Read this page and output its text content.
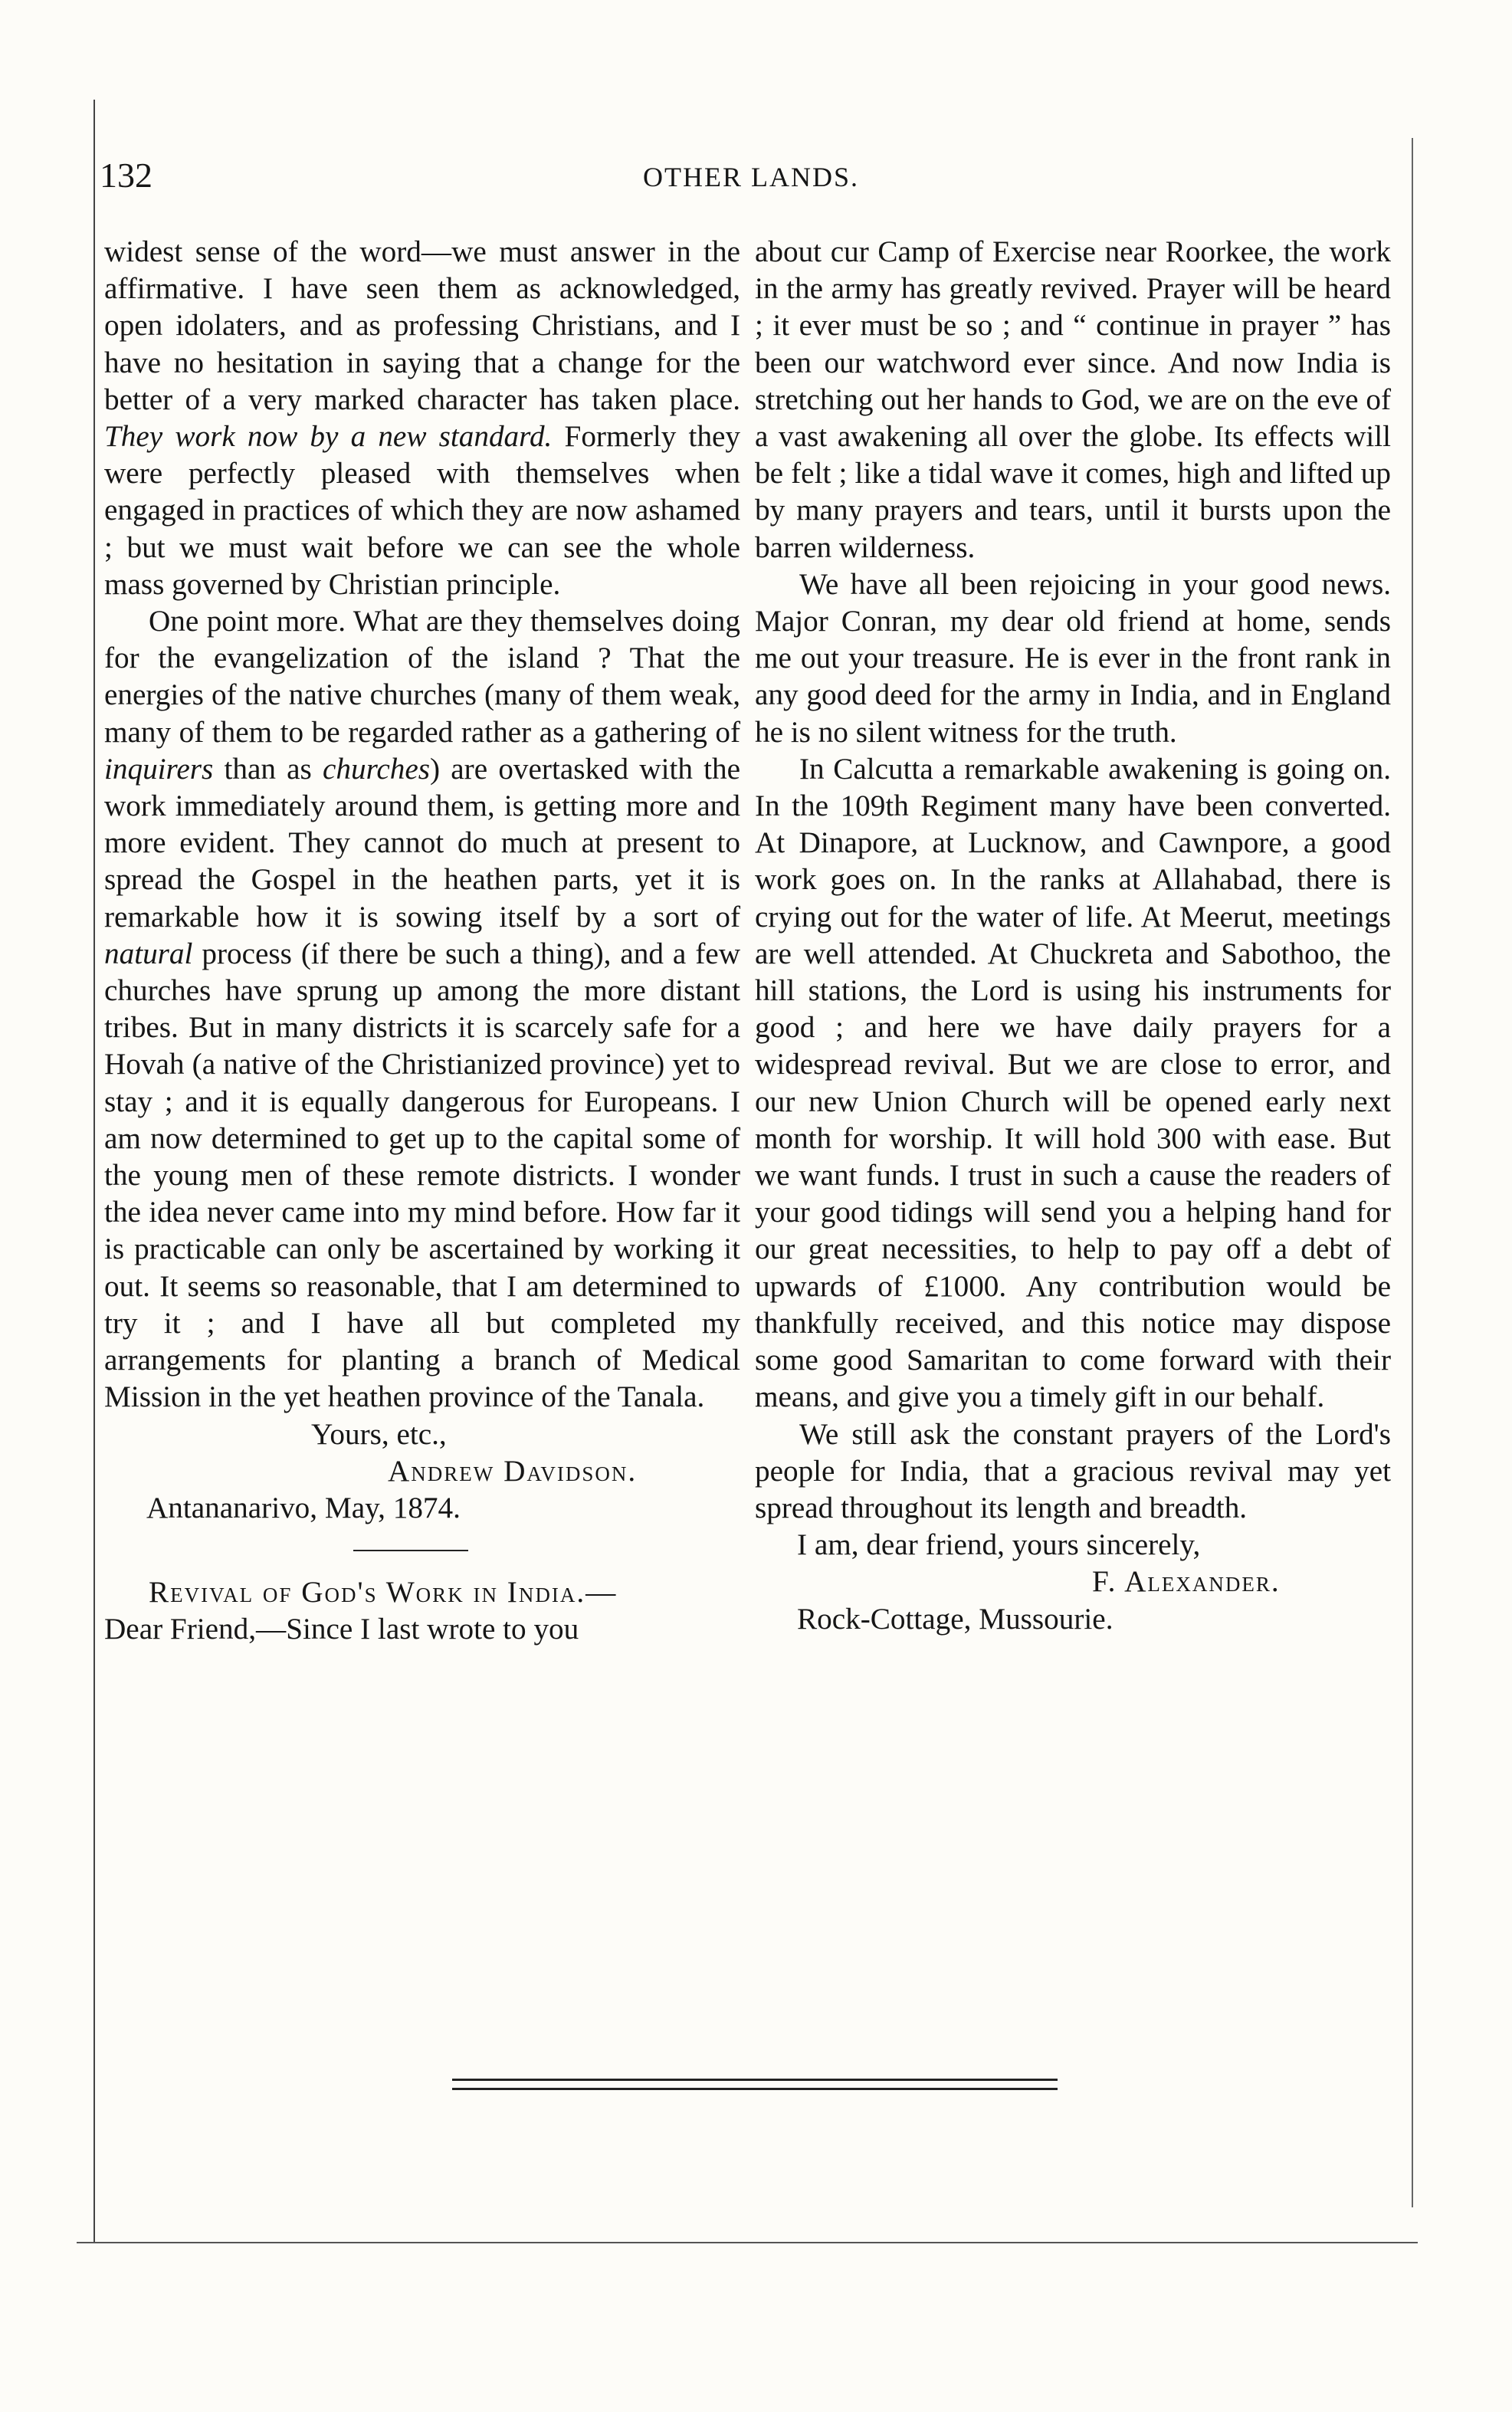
132	OTHER LANDS.

widest sense of the word—we must answer in the affirmative. I have seen them as acknowledged, open idolaters, and as professing Christians, and I have no hesitation in saying that a change for the better of a very marked character has taken place. They work now by a new standard. Formerly they were perfectly pleased with themselves when engaged in practices of which they are now ashamed ; but we must wait before we can see the whole mass governed by Christian principle.

One point more. What are they themselves doing for the evangelization of the island ? That the energies of the native churches (many of them weak, many of them to be regarded rather as a gathering of inquirers than as churches) are overtasked with the work immediately around them, is getting more and more evident. They cannot do much at present to spread the Gospel in the heathen parts, yet it is remarkable how it is sowing itself by a sort of natural process (if there be such a thing), and a few churches have sprung up among the more distant tribes. But in many districts it is scarcely safe for a Hovah (a native of the Christianized province) yet to stay ; and it is equally dangerous for Europeans. I am now determined to get up to the capital some of the young men of these remote districts. I wonder the idea never came into my mind before. How far it is practicable can only be ascertained by working it out. It seems so reasonable, that I am determined to try it ; and I have all but completed my arrangements for planting a branch of Medical Mission in the yet heathen province of the Tanala.

Yours, etc.,

Andrew Davidson.

Antananarivo, May, 1874.

Revival of God's Work in India.—

Dear Friend,—Since I last wrote to you

about cur Camp of Exercise near Roorkee, the work in the army has greatly revived. Prayer will be heard ; it ever must be so ; and “ continue in prayer ” has been our watchword ever since. And now India is stretching out her hands to God, we are on the eve of a vast awakening all over the globe. Its effects will be felt ; like a tidal wave it comes, high and lifted up by many prayers and tears, until it bursts upon the barren wilderness.

We have all been rejoicing in your good news. Major Conran, my dear old friend at home, sends me out your treasure. He is ever in the front rank in any good deed for the army in India, and in England he is no silent witness for the truth.

In Calcutta a remarkable awakening is going on. In the 109th Regiment many have been converted. At Dinapore, at Lucknow, and Cawnpore, a good work goes on. In the ranks at Allahabad, there is crying out for the water of life. At Meerut, meetings are well attended. At Chuckreta and Sabothoo, the hill stations, the Lord is using his instruments for good ; and here we have daily prayers for a widespread revival. But we are close to error, and our new Union Church will be opened early next month for worship. It will hold 300 with ease. But we want funds. I trust in such a cause the readers of your good tidings will send you a helping hand for our great necessities, to help to pay off a debt of upwards of £1000. Any contribution would be thankfully received, and this notice may dispose some good Samaritan to come forward with their means, and give you a timely gift in our behalf.

We still ask the constant prayers of the Lord's people for India, that a gracious revival may yet spread throughout its length and breadth.

I am, dear friend, yours sincerely,

F. Alexander.

Rock-Cottage, Mussourie.
